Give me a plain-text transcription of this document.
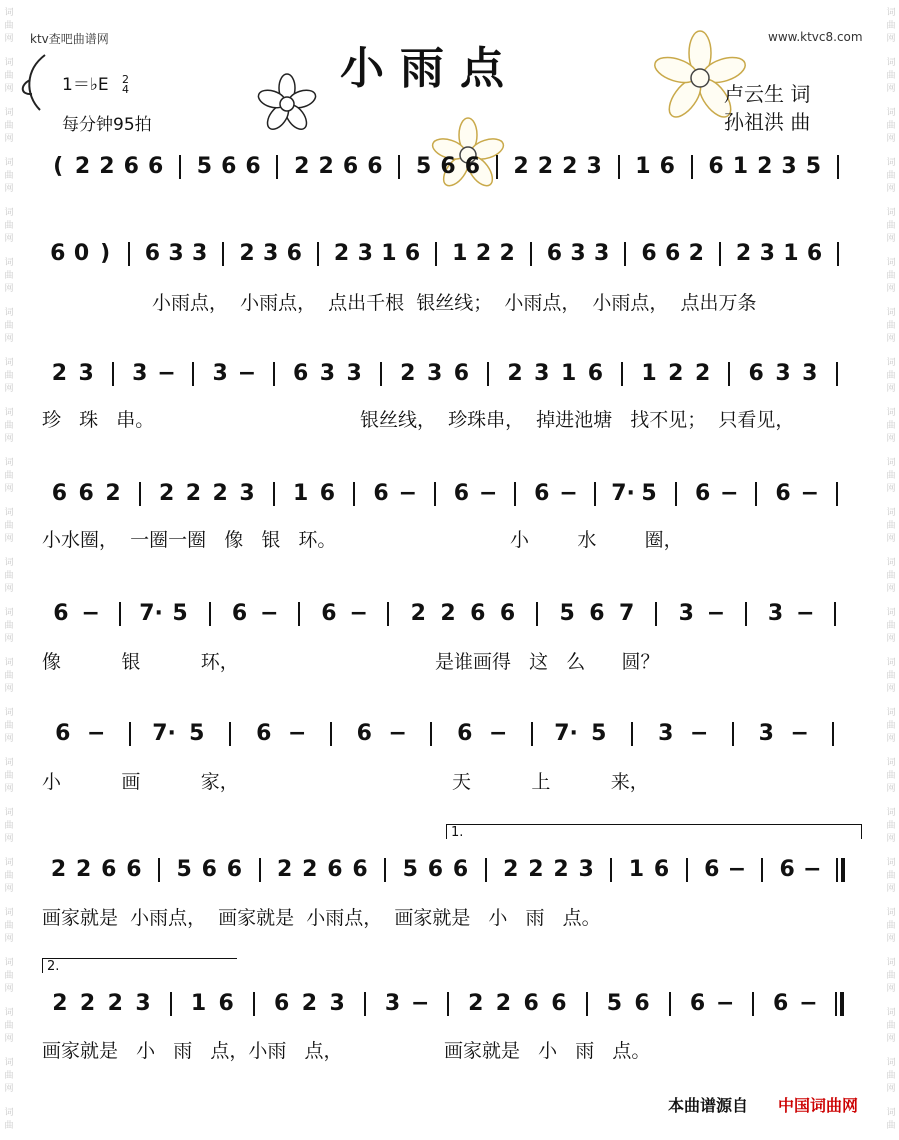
词
曲
网
词
曲
网
词
曲
网
词
曲
网
词
曲
网
词
曲
网
词
曲
网
词
曲
网
词
曲
网
词
曲
网
词
曲
网
词
曲
网
词
曲
网
词
曲
网
词
曲
网
词
曲
网
词
曲
网
词
曲
网
词
曲
网
词
曲
网
词
曲
网
词
曲
网
词
曲
词
曲
网
词
曲
网
词
曲
网
词
曲
网
词
曲
网
词
曲
网
词
曲
网
词
曲
网
词
曲
网
词
曲
网
词
曲
网
词
曲
网
词
曲
网
词
曲
网
词
曲
网
词
曲
网
词
曲
网
词
曲
网
词
曲
网
词
曲
网
词
曲
网
词
曲
网
词
曲
ktv查吧曲谱网	www.ktvc8.com
小雨点
1＝♭E 2
4
每分钟95拍
卢云生 词
孙祖洪 曲
( 2 2 6 6 5 6 6 2 2 6 6 5 6 6 2 2 2 3 1 6 6 1 2 3 5
6 0 ) 6 3 3 2 3 6 2 3 1 6 1 2 2 6 3 3 6 6 2 2 3 1 6
小雨点，  小雨点，  点出千根  银丝线；  小雨点，  小雨点，  点出万条
2 3 3 − 3 − 6 3 3 2 3 6 2 3 1 6 1 2 2 6 3 3
珍   珠   串。	银丝线，  珍珠串，  掉进池塘   找不见；  只看见，
6 6 2 2 2 2 3 1 6 6 − 6 − 6 − 7· 5 6 − 6 −
小水圈，  一圈一圈   像   银   环。	小        水        圈，
6 − 7· 5 6 − 6 − 2 2 6 6 5 6 7 3 − 3 −
像          银          环，	是谁画得   这   么      圆？
6 − 7· 5 6 − 6 − 6 − 7· 5 3 − 3 −
小          画          家，	天          上          来，
2 2 6 6 5 6 6 2 2 6 6 5 6 6 2 2 2 3 1 6 6 − 6 −
1.
画家就是  小雨点，  画家就是  小雨点，  画家就是   小   雨   点。
2 2 2 3 1 6 6 2 3 3 − 2 2 6 6 5 6 6 − 6 −
2.
画家就是   小   雨   点，小雨   点，	画家就是   小   雨   点。
本曲谱源自 中国词曲网
